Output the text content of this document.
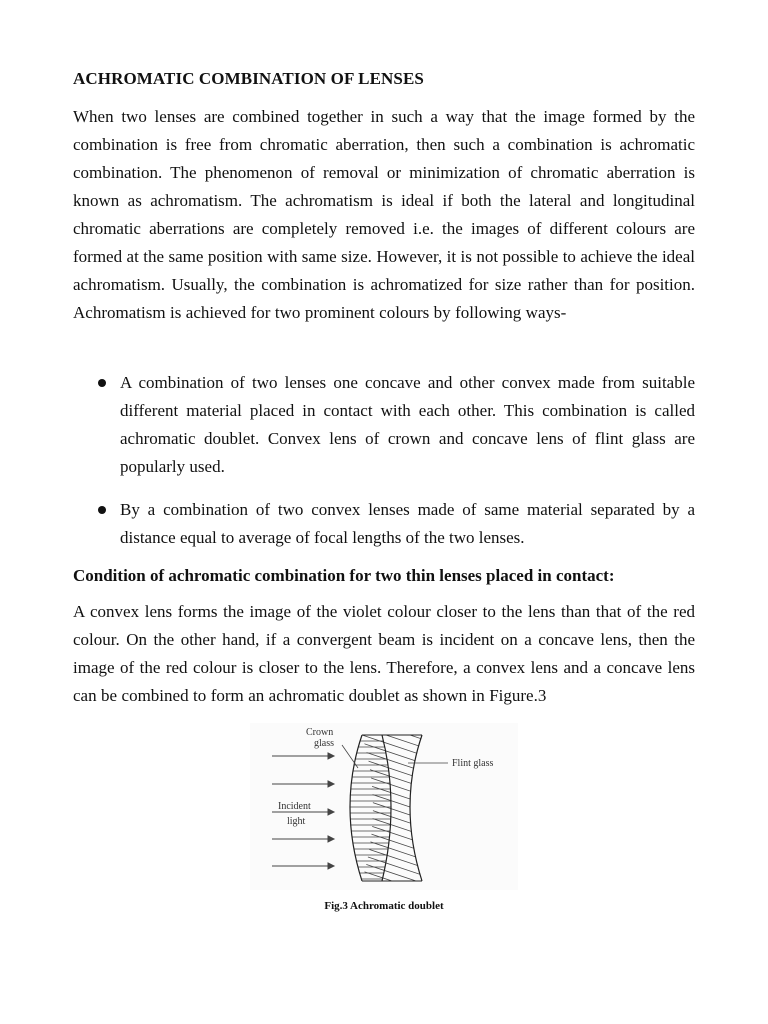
ACHROMATIC COMBINATION OF LENSES

When two lenses are combined together in such a way that the image formed by the combination is free from chromatic aberration, then such a combination is achromatic combination. The phenomenon of removal or minimization of chromatic aberration is known as achromatism. The achromatism is ideal if both the lateral and longitudinal chromatic aberrations are completely removed i.e. the images of different colours are formed at the same position with same size. However, it is not possible to achieve the ideal achromatism. Usually, the combination is achromatized for size rather than for position. Achromatism is achieved for two prominent colours by following ways-

A combination of two lenses one concave and other convex made from suitable different material placed in contact with each other. This combination is called achromatic doublet. Convex lens of crown and concave lens of flint glass are popularly used.
By a combination of two convex lenses made of same material separated by a distance equal to average of focal lengths of the two lenses.
Condition of achromatic combination for two thin lenses placed in contact:

A convex lens forms the image of the violet colour closer to the lens than that of the red colour. On the other hand, if a convergent beam is incident on a concave lens, then the image of the red colour is closer to the lens. Therefore, a convex lens and a concave lens can be combined to form an achromatic doublet as shown in Figure.3

Crown
glass
Flint glass
Incident
light

Fig.3 Achromatic doublet
